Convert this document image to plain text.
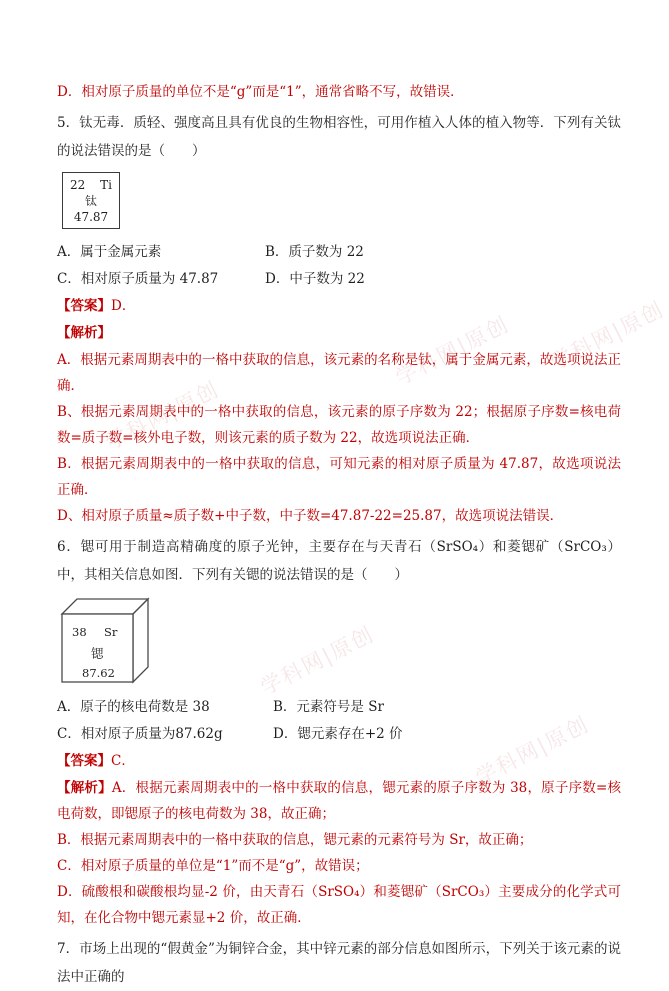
学科网|原创
学科网|原创
学科网|原创
学科网|原创
学科网|原创

D．相对原子质量的单位不是“g”而是“1”，通常省略不写，故错误．

5．钛无毒．质轻、强度高且具有优良的生物相容性，可用作植入人体的植入物等．下列有关钛的说法错误的是（　　）

22 Ti
钛
47.87
A．属于金属元素	B．质子数为 22
C．相对原子质量为 47.87	D．中子数为 22

【答案】D．

【解析】

A．根据元素周期表中的一格中获取的信息，该元素的名称是钛，属于金属元素，故选项说法正确．

B、根据元素周期表中的一格中获取的信息，该元素的原子序数为 22；根据原子序数=核电荷数=质子数=核外电子数，则该元素的质子数为 22，故选项说法正确．

B．根据元素周期表中的一格中获取的信息，可知元素的相对原子质量为 47.87，故选项说法正确．

D、相对原子质量≈质子数+中子数，中子数=47.87-22=25.87，故选项说法错误．

6．锶可用于制造高精确度的原子光钟，主要存在与天青石（SrSO₄）和菱锶矿（SrCO₃）中，其相关信息如图．下列有关锶的说法错误的是（　　）

38 Sr
锶
87.62
A．原子的核电荷数是 38	B．元素符号是 Sr
C．相对原子质量为87.62g	D．锶元素存在+2 价

【答案】C．

【解析】A．根据元素周期表中的一格中获取的信息，锶元素的原子序数为 38，原子序数=核电荷数，即锶原子的核电荷数为 38，故正确；

B．根据元素周期表中的一格中获取的信息，锶元素的元素符号为 Sr，故正确；

C．相对原子质量的单位是“1”而不是“g”，故错误；

D．硫酸根和碳酸根均显-2 价，由天青石（SrSO₄）和菱锶矿（SrCO₃）主要成分的化学式可知，在化合物中锶元素显+2 价，故正确．

7．市场上出现的“假黄金”为铜锌合金，其中锌元素的部分信息如图所示，下列关于该元素的说法中正确的
